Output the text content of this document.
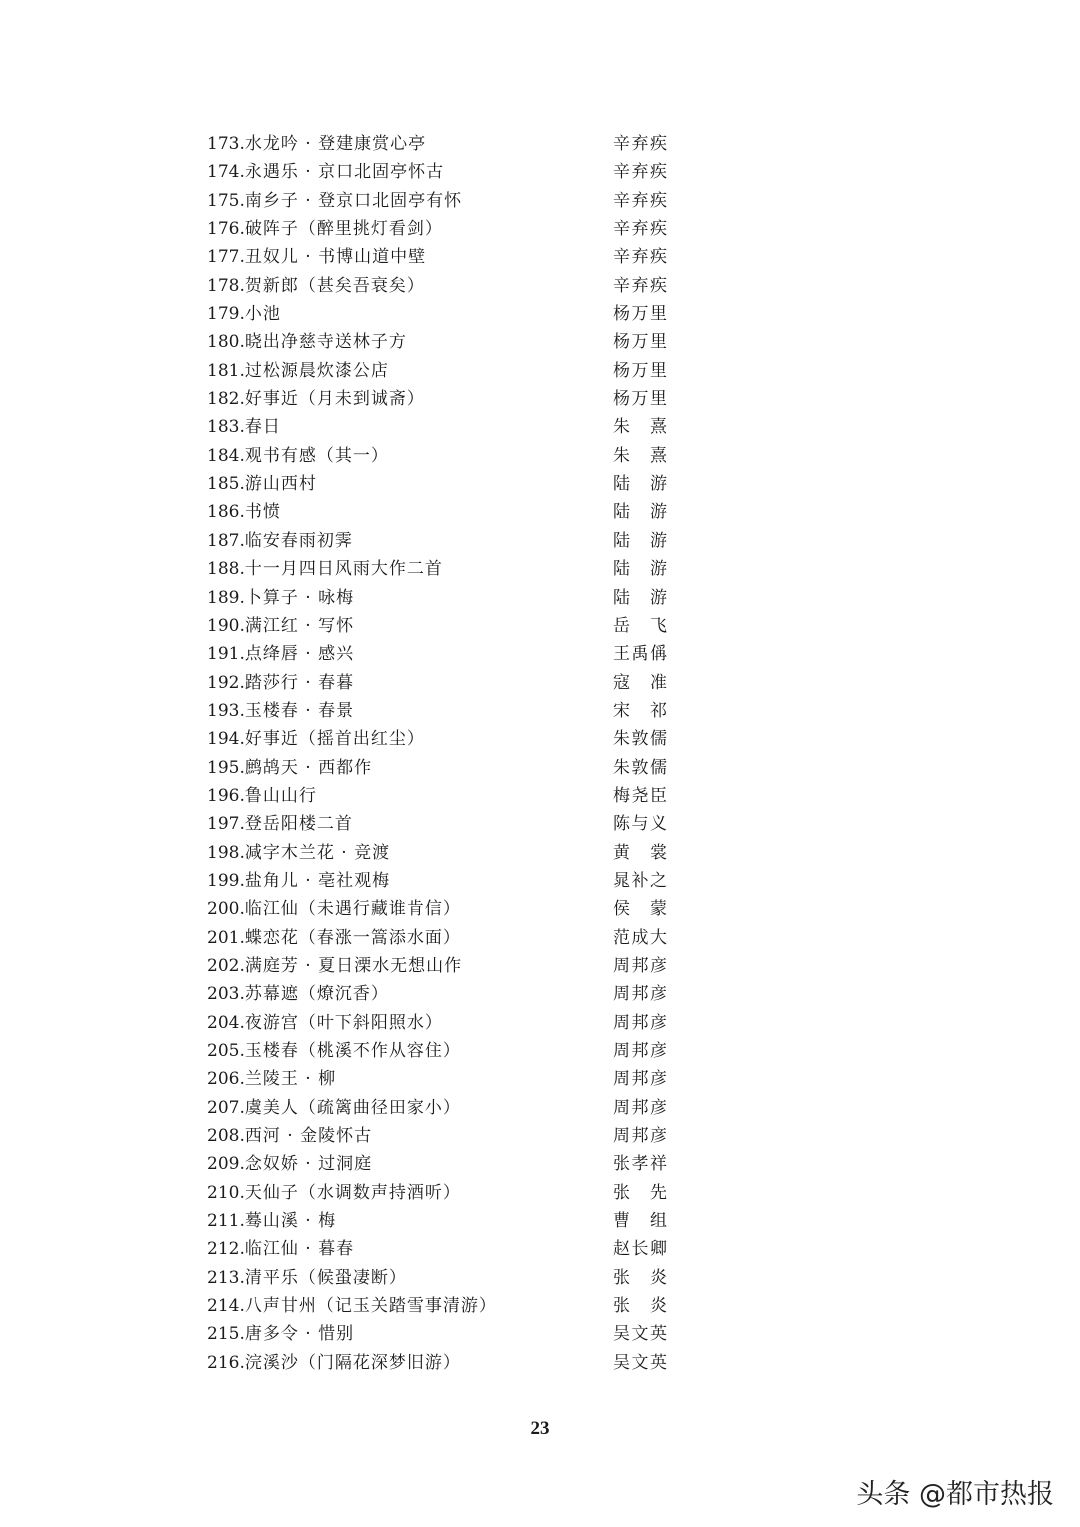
173.水龙吟 · 登建康赏心亭	辛弃疾
174.永遇乐 · 京口北固亭怀古	辛弃疾
175.南乡子 · 登京口北固亭有怀	辛弃疾
176.破阵子（醉里挑灯看剑）	辛弃疾
177.丑奴儿 · 书博山道中壁	辛弃疾
178.贺新郎（甚矣吾衰矣）	辛弃疾
179.小池	杨万里
180.晓出净慈寺送林子方	杨万里
181.过松源晨炊漆公店	杨万里
182.好事近（月未到诚斋）	杨万里
183.春日	朱熹
184.观书有感（其一）	朱熹
185.游山西村	陆游
186.书愤	陆游
187.临安春雨初霁	陆游
188.十一月四日风雨大作二首	陆游
189.卜算子 · 咏梅	陆游
190.满江红 · 写怀	岳飞
191.点绛唇 · 感兴	王禹偁
192.踏莎行 · 春暮	寇准
193.玉楼春 · 春景	宋祁
194.好事近（摇首出红尘）	朱敦儒
195.鹧鸪天 · 西都作	朱敦儒
196.鲁山山行	梅尧臣
197.登岳阳楼二首	陈与义
198.减字木兰花 · 竞渡	黄裳
199.盐角儿 · 亳社观梅	晁补之
200.临江仙（未遇行藏谁肯信）	侯蒙
201.蝶恋花（春涨一篙添水面）	范成大
202.满庭芳 · 夏日溧水无想山作	周邦彦
203.苏幕遮（燎沉香）	周邦彦
204.夜游宫（叶下斜阳照水）	周邦彦
205.玉楼春（桃溪不作从容住）	周邦彦
206.兰陵王 · 柳	周邦彦
207.虞美人（疏篱曲径田家小）	周邦彦
208.西河 · 金陵怀古	周邦彦
209.念奴娇 · 过洞庭	张孝祥
210.天仙子（水调数声持酒听）	张先
211.蓦山溪 · 梅	曹组
212.临江仙 · 暮春	赵长卿
213.清平乐（候蛩凄断）	张炎
214.八声甘州（记玉关踏雪事清游）	张炎
215.唐多令 · 惜别	吴文英
216.浣溪沙（门隔花深梦旧游）	吴文英
23
头条 @都市热报
